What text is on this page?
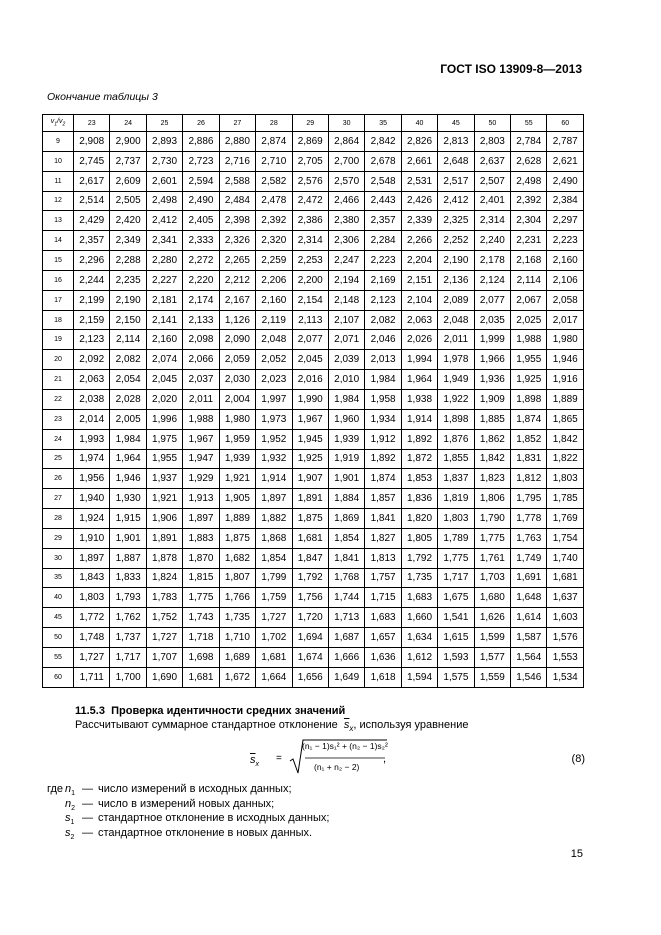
ГОСТ ISO 13909-8—2013
Окончание таблицы 3
$v_1/v_2$	23	24	25	26	27	28	29	30	35	40	45	50	55	60
9	2,908	2,900	2,893	2,886	2,880	2,874	2,869	2,864	2,842	2,826	2,813	2,803	2,784	2,787
10	2,745	2,737	2,730	2,723	2,716	2,710	2,705	2,700	2,678	2,661	2,648	2,637	2,628	2,621
11	2,617	2,609	2,601	2,594	2,588	2,582	2,576	2,570	2,548	2,531	2,517	2,507	2,498	2,490
12	2,514	2,505	2,498	2,490	2,484	2,478	2,472	2,466	2,443	2,426	2,412	2,401	2,392	2,384
13	2,429	2,420	2,412	2,405	2,398	2,392	2,386	2,380	2,357	2,339	2,325	2,314	2,304	2,297
14	2,357	2,349	2,341	2,333	2,326	2,320	2,314	2,306	2,284	2,266	2,252	2,240	2,231	2,223
15	2,296	2,288	2,280	2,272	2,265	2,259	2,253	2,247	2,223	2,204	2,190	2,178	2,168	2,160
16	2,244	2,235	2,227	2,220	2,212	2,206	2,200	2,194	2,169	2,151	2,136	2,124	2,114	2,106
17	2,199	2,190	2,181	2,174	2,167	2,160	2,154	2,148	2,123	2,104	2,089	2,077	2,067	2,058
18	2,159	2,150	2,141	2,133	1,126	2,119	2,113	2,107	2,082	2,063	2,048	2,035	2,025	2,017
19	2,123	2,114	2,160	2,098	2,090	2,048	2,077	2,071	2,046	2,026	2,011	1,999	1,988	1,980
20	2,092	2,082	2,074	2,066	2,059	2,052	2,045	2,039	2,013	1,994	1,978	1,966	1,955	1,946
21	2,063	2,054	2,045	2,037	2,030	2,023	2,016	2,010	1,984	1,964	1,949	1,936	1,925	1,916
22	2,038	2,028	2,020	2,011	2,004	1,997	1,990	1,984	1,958	1,938	1,922	1,909	1,898	1,889
23	2,014	2,005	1,996	1,988	1,980	1,973	1,967	1,960	1,934	1,914	1,898	1,885	1,874	1,865
24	1,993	1,984	1,975	1,967	1,959	1,952	1,945	1,939	1,912	1,892	1,876	1,862	1,852	1,842
25	1,974	1,964	1,955	1,947	1,939	1,932	1,925	1,919	1,892	1,872	1,855	1,842	1,831	1,822
26	1,956	1,946	1,937	1,929	1,921	1,914	1,907	1,901	1,874	1,853	1,837	1,823	1,812	1,803
27	1,940	1,930	1,921	1,913	1,905	1,897	1,891	1,884	1,857	1,836	1,819	1,806	1,795	1,785
28	1,924	1,915	1,906	1,897	1,889	1,882	1,875	1,869	1,841	1,820	1,803	1,790	1,778	1,769
29	1,910	1,901	1,891	1,883	1,875	1,868	1,681	1,854	1,827	1,805	1,789	1,775	1,763	1,754
30	1,897	1,887	1,878	1,870	1,682	1,854	1,847	1,841	1,813	1,792	1,775	1,761	1,749	1,740
35	1,843	1,833	1,824	1,815	1,807	1,799	1,792	1,768	1,757	1,735	1,717	1,703	1,691	1,681
40	1,803	1,793	1,783	1,775	1,766	1,759	1,756	1,744	1,715	1,683	1,675	1,680	1,648	1,637
45	1,772	1,762	1,752	1,743	1,735	1,727	1,720	1,713	1,683	1,660	1,541	1,626	1,614	1,603
50	1,748	1,737	1,727	1,718	1,710	1,702	1,694	1,687	1,657	1,634	1,615	1,599	1,587	1,576
55	1,727	1,717	1,707	1,698	1,689	1,681	1,674	1,666	1,636	1,612	1,593	1,577	1,564	1,553
60	1,711	1,700	1,690	1,681	1,672	1,664	1,656	1,649	1,618	1,594	1,575	1,559	1,546	1,534
11.5.3 Проверка идентичности средних значений
Рассчитывают суммарное стандартное отклонение $\overline{s}_x$, используя уравнение
$\overline{s}_x$
=
(n₁ − 1)s₁² + (n₂ − 1)s₂²
(n₁ + n₂ − 2)
,	(8)
где $n_1$ — число измерений в исходных данных;
$n_2$ — число в измерений новых данных;
$s_1$ — стандартное отклонение в исходных данных;
$s_2$ — стандартное отклонение в новых данных.
15
